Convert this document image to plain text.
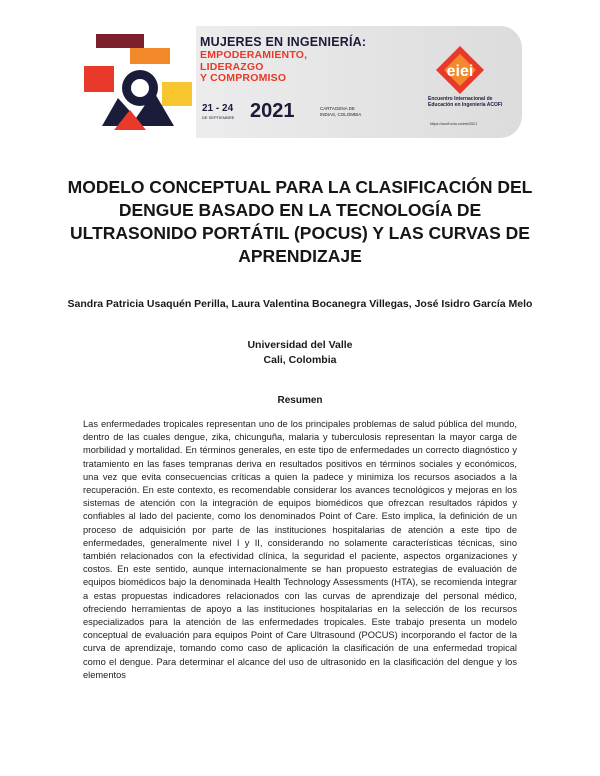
MUJERES EN INGENIERÍA:
EMPODERAMIENTO, LIDERAZGO
Y COMPROMISO
21 - 24
DE SEPTIEMBRE 2021	CARTAGENA DE INDIAS, COLOMBIA
eiei
Encuentro Internacional de Educación en Ingeniería ACOFI
https://acofi.edu.co/eiei2021
MODELO CONCEPTUAL PARA LA CLASIFICACIÓN DEL DENGUE BASADO EN LA TECNOLOGÍA DE ULTRASONIDO PORTÁTIL (POCUS) Y LAS CURVAS DE APRENDIZAJE
Sandra Patricia Usaquén Perilla, Laura Valentina Bocanegra Villegas, José Isidro García Melo
Universidad del Valle
Cali, Colombia
Resumen
Las enfermedades tropicales representan uno de los principales problemas de salud pública del mundo, dentro de las cuales dengue, zika, chicunguña, malaria y tuberculosis representan la mayor carga de morbilidad y mortalidad. En términos generales, en este tipo de enfermedades un correcto diagnóstico y tratamiento en las fases tempranas deriva en resultados positivos en términos sociales y económicos, una vez que evita consecuencias críticas a quien la padece y minimiza los recursos asociados a la recuperación. En este contexto, es recomendable considerar los avances tecnológicos y mejoras en los sistemas de atención con la integración de equipos biomédicos que ofrezcan resultados rápidos y confiables al lado del paciente, como los denominados Point of Care. Esto implica, la definición de un proceso de adquisición por parte de las instituciones hospitalarias de atención a este tipo de enfermedades, generalmente nivel I y II, considerando no solamente características técnicas, sino también relacionados con la efectividad clínica, la seguridad el paciente, aspectos organizaciones y costos. En este sentido, aunque internacionalmente se han propuesto estrategias de evaluación de equipos biomédicos bajo la denominada Health Technology Assessments (HTA), se recomienda integrar a estas propuestas indicadores relacionados con las curvas de aprendizaje del personal médico, ofreciendo herramientas de apoyo a las instituciones hospitalarias en la selección de los recursos especializados para la atención de las enfermedades tropicales. Este trabajo presenta un modelo conceptual de evaluación para equipos Point of Care Ultrasound (POCUS) incorporando el factor de la curva de aprendizaje, tomando como caso de aplicación la clasificación de una enfermedad tropical como el dengue. Para determinar el alcance del uso de ultrasonido en la clasificación del dengue y los elementos
